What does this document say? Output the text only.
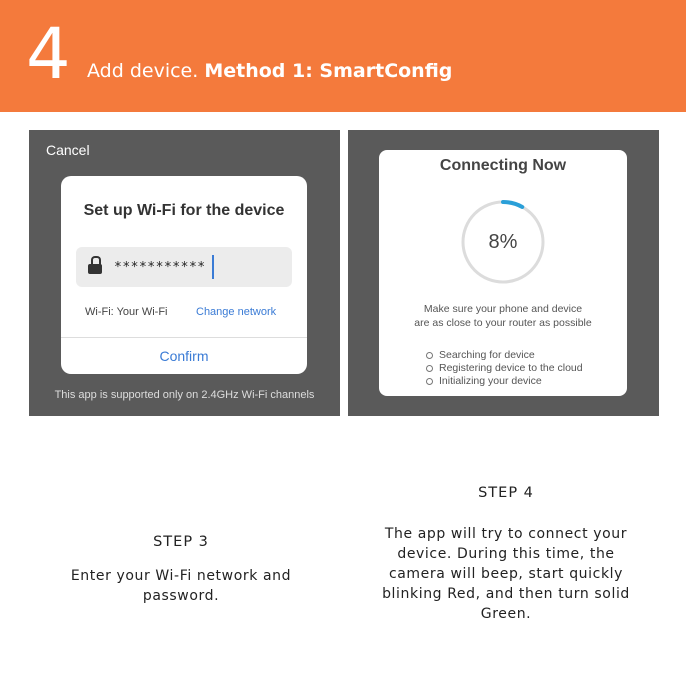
4 Add device. Method 1: SmartConfig
Cancel
Set up Wi-Fi for the device
***********
Wi-Fi: Your Wi-Fi	Change network
Confirm
This app is supported only on 2.4GHz Wi-Fi channels
Connecting Now
8%
Make sure your phone and device
are as close to your router as possible
Searching for device
Registering device to the cloud
Initializing your device
STEP 3
Enter your Wi-Fi network and
password.
STEP 4
The app will try to connect your
device. During this time, the
camera will beep, start quickly
blinking Red, and then turn solid
Green.
